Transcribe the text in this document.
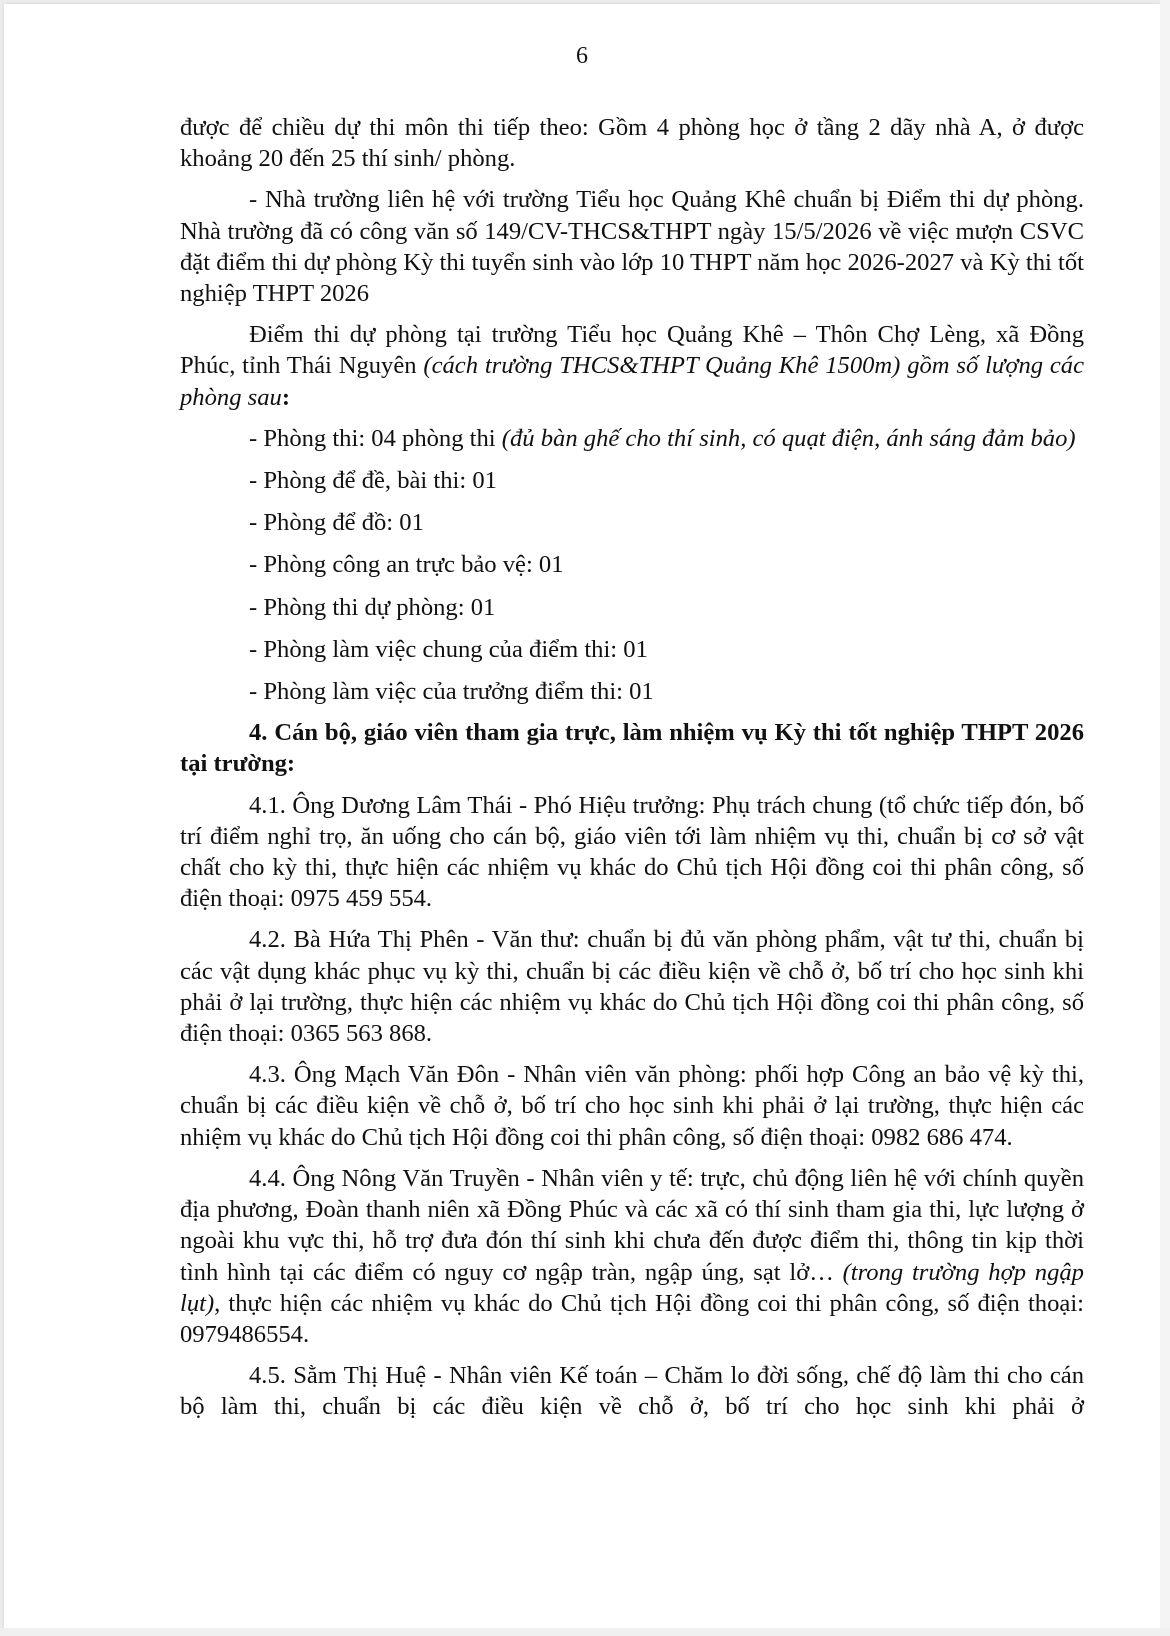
6

được để chiều dự thi môn thi tiếp theo: Gồm 4 phòng học ở tầng 2 dãy nhà A, ở được khoảng 20 đến 25 thí sinh/ phòng.

- Nhà trường liên hệ với trường Tiểu học Quảng Khê chuẩn bị Điểm thi dự phòng. Nhà trường đã có công văn số 149/CV-THCS&THPT ngày 15/5/2026 về việc mượn CSVC đặt điểm thi dự phòng Kỳ thi tuyển sinh vào lớp 10 THPT năm học 2026-2027 và Kỳ thi tốt nghiệp THPT 2026

Điểm thi dự phòng tại trường Tiểu học Quảng Khê – Thôn Chợ Lèng, xã Đồng Phúc, tỉnh Thái Nguyên (cách trường THCS&THPT Quảng Khê 1500m) gồm số lượng các phòng sau:

- Phòng thi: 04 phòng thi (đủ bàn ghế cho thí sinh, có quạt điện, ánh sáng đảm bảo)

- Phòng để đề, bài thi: 01

- Phòng để đồ: 01

- Phòng công an trực bảo vệ: 01

- Phòng thi dự phòng: 01

- Phòng làm việc chung của điểm thi: 01

- Phòng làm việc của trưởng điểm thi: 01

4. Cán bộ, giáo viên tham gia trực, làm nhiệm vụ Kỳ thi tốt nghiệp THPT 2026 tại trường:

4.1. Ông Dương Lâm Thái - Phó Hiệu trưởng: Phụ trách chung (tổ chức tiếp đón, bố trí điểm nghỉ trọ, ăn uống cho cán bộ, giáo viên tới làm nhiệm vụ thi, chuẩn bị cơ sở vật chất cho kỳ thi, thực hiện các nhiệm vụ khác do Chủ tịch Hội đồng coi thi phân công, số điện thoại: 0975 459 554.

4.2. Bà Hứa Thị Phên - Văn thư: chuẩn bị đủ văn phòng phẩm, vật tư thi, chuẩn bị các vật dụng khác phục vụ kỳ thi, chuẩn bị các điều kiện về chỗ ở, bố trí cho học sinh khi phải ở lại trường, thực hiện các nhiệm vụ khác do Chủ tịch Hội đồng coi thi phân công, số điện thoại: 0365 563 868.

4.3. Ông Mạch Văn Đôn - Nhân viên văn phòng: phối hợp Công an bảo vệ kỳ thi, chuẩn bị các điều kiện về chỗ ở, bố trí cho học sinh khi phải ở lại trường, thực hiện các nhiệm vụ khác do Chủ tịch Hội đồng coi thi phân công, số điện thoại: 0982 686 474.

4.4. Ông Nông Văn Truyền - Nhân viên y tế: trực, chủ động liên hệ với chính quyền địa phương, Đoàn thanh niên xã Đồng Phúc và các xã có thí sinh tham gia thi, lực lượng ở ngoài khu vực thi, hỗ trợ đưa đón thí sinh khi chưa đến được điểm thi, thông tin kịp thời tình hình tại các điểm có nguy cơ ngập tràn, ngập úng, sạt lở… (trong trường hợp ngập lụt), thực hiện các nhiệm vụ khác do Chủ tịch Hội đồng coi thi phân công, số điện thoại: 0979486554.

4.5. Sằm Thị Huệ - Nhân viên Kế toán – Chăm lo đời sống, chế độ làm thi cho cán bộ làm thi, chuẩn bị các điều kiện về chỗ ở, bố trí cho học sinh khi phải ở
